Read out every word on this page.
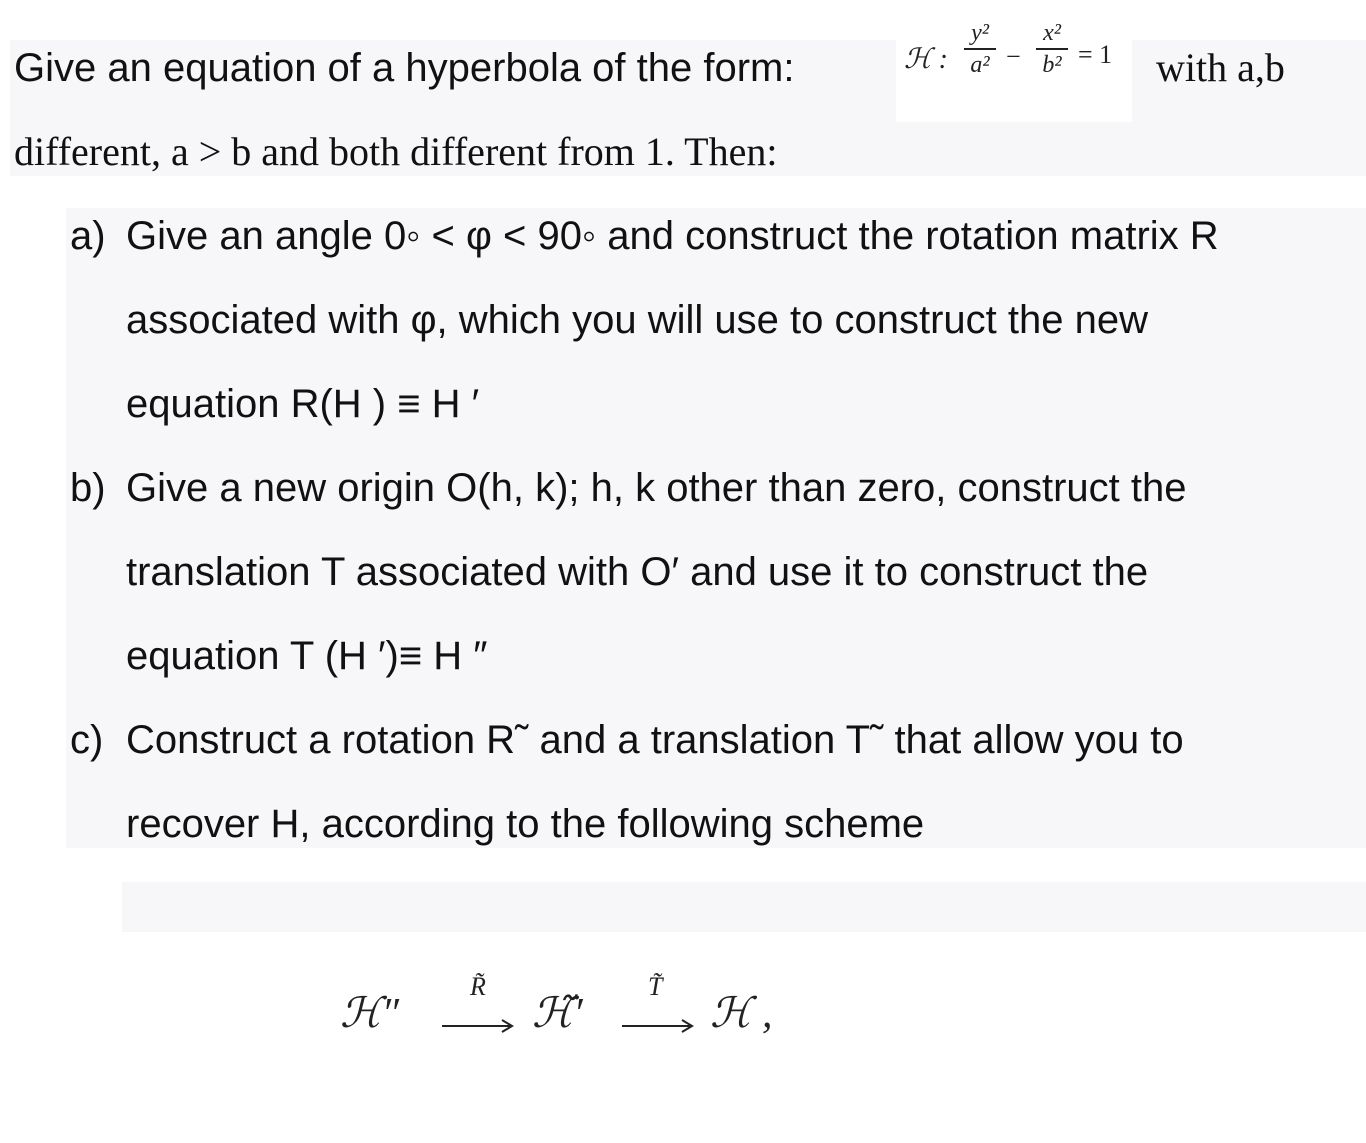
Give an equation of a hyperbola of the form:	ℋ :
y²
a² −
x²
b² = 1 with a,b
different, a > b and both different from 1. Then:
a) Give an angle 0◦ < φ < 90◦ and construct the rotation matrix R
associated with φ, which you will use to construct the new
equation R(H ) ≡ H ′
b) Give a new origin O(h, k); h, k other than zero, construct the
translation T associated with O′ and use it to construct the
equation T (H ′)≡ H ″
c) Construct a rotation R˜ and a translation T˜ that allow you to
recover H, according to the following scheme
ℋ″
R̃
ℋ̃′
T̃
ℋ ,
